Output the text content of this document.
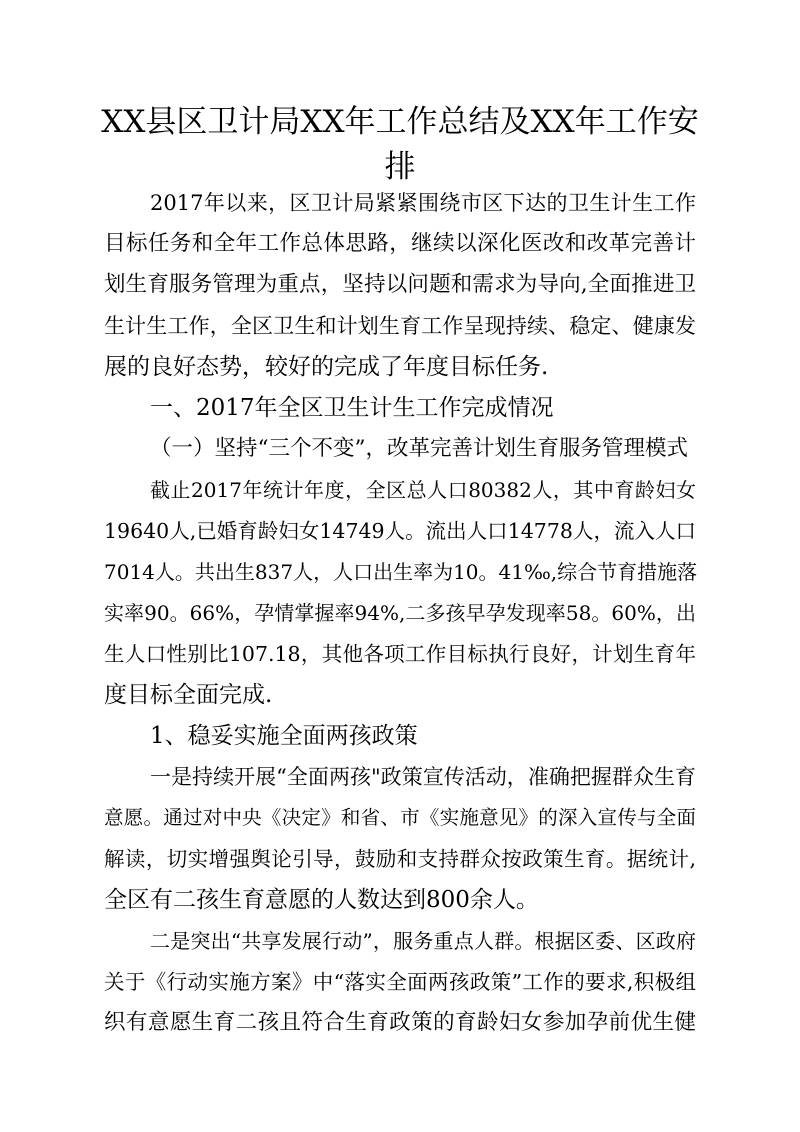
XX县区卫计局XX年工作总结及XX年工作安
排
2017年以来，区卫计局紧紧围绕市区下达的卫生计生工作
目标任务和全年工作总体思路，继续以深化医改和改革完善计
划生育服务管理为重点，坚持以问题和需求为导向,全面推进卫
生计生工作，全区卫生和计划生育工作呈现持续、稳定、健康发
展的良好态势，较好的完成了年度目标任务.
一、2017年全区卫生计生工作完成情况
（一）坚持“三个不变”，改革完善计划生育服务管理模式
截止2017年统计年度，全区总人口80382人，其中育龄妇女
19640人,已婚育龄妇女14749人。流出人口14778人，流入人口
7014人。共出生837人，人口出生率为10。41‰,综合节育措施落
实率90。66%，孕情掌握率94%,二多孩早孕发现率58。60%，出
生人口性别比107.18，其他各项工作目标执行良好，计划生育年
度目标全面完成.
1、稳妥实施全面两孩政策
一是持续开展“全面两孩"政策宣传活动，准确把握群众生育
意愿。通过对中央《决定》和省、市《实施意见》的深入宣传与全面
解读，切实增强舆论引导，鼓励和支持群众按政策生育。据统计,
全区有二孩生育意愿的人数达到800余人。
二是突出“共享发展行动”，服务重点人群。根据区委、区政府
关于《行动实施方案》中“落实全面两孩政策”工作的要求,积极组
织有意愿生育二孩且符合生育政策的育龄妇女参加孕前优生健
